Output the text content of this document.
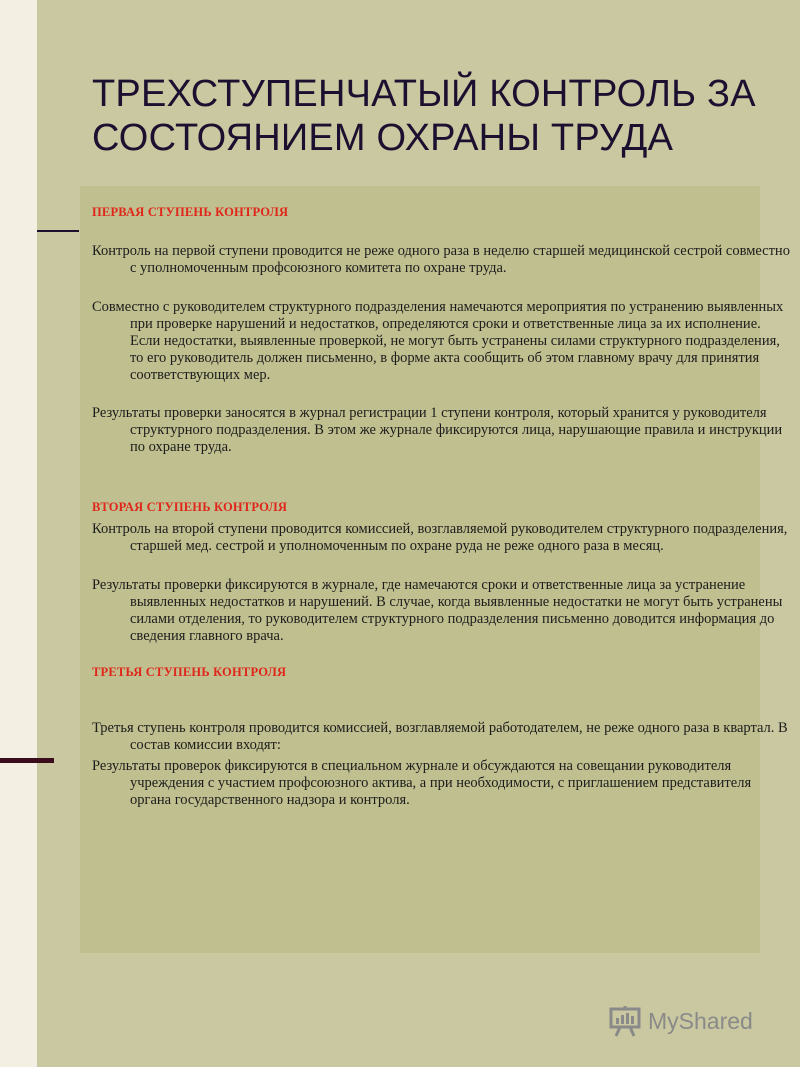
ТРЕХСТУПЕНЧАТЫЙ КОНТРОЛЬ ЗА СОСТОЯНИЕМ ОХРАНЫ ТРУДА
ПЕРВАЯ СТУПЕНЬ КОНТРОЛЯ

Контроль на первой ступени проводится не реже одного раза в неделю старшей медицинской сестрой совместно с уполномоченным профсоюзного комитета по охране труда.

Совместно с руководителем структурного подразделения намечаются мероприятия по устранению выявленных при проверке нарушений и недостатков, определяются сроки и ответственные лица за их исполнение. Если недостатки, выявленные проверкой, не могут быть устранены силами структурного подразделения, то его руководитель должен письменно, в форме акта сообщить об этом главному врачу для принятия соответствующих мер.

Результаты проверки заносятся в журнал регистрации 1 ступени контроля, который хранится у руководителя структурного подразделения. В этом же журнале фиксируются лица, нарушающие правила и инструкции по охране труда.

ВТОРАЯ СТУПЕНЬ КОНТРОЛЯ

Контроль на второй ступени проводится комиссией, возглавляемой руководителем структурного подразделения, старшей мед. сестрой и уполномоченным по охране руда не реже одного раза в месяц.

Результаты проверки фиксируются в журнале, где намечаются сроки и ответственные лица за устранение выявленных недостатков и нарушений. В случае, когда выявленные недостатки не могут быть устранены силами отделения, то руководителем структурного подразделения письменно доводится информация до сведения главного врача.

ТРЕТЬЯ СТУПЕНЬ КОНТРОЛЯ

Третья ступень контроля проводится комиссией, возглавляемой работодателем, не реже одного раза в квартал. В состав комиссии входят:

Результаты проверок фиксируются в специальном журнале и обсуждаются на совещании руководителя учреждения с участием профсоюзного актива, а при необходимости, с приглашением представителя органа государственного надзора и контроля.

MyShared
